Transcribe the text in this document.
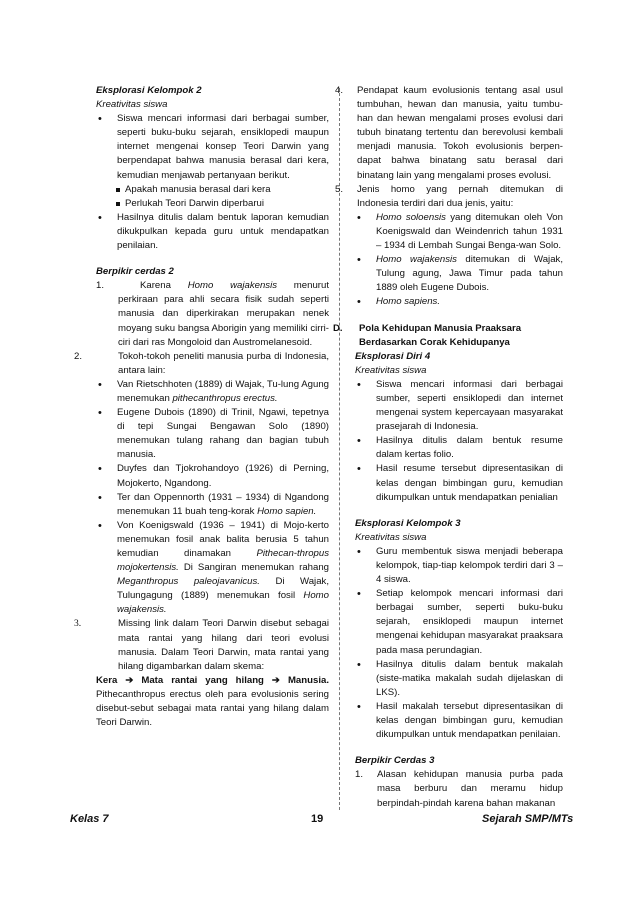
Eksplorasi Kelompok 2
Kreativitas siswa
• Siswa mencari informasi dari berbagai sumber, seperti buku-buku sejarah, ensiklopedi maupun internet mengenai konsep Teori Darwin yang berpendapat bahwa manusia berasal dari kera, kemudian menjawab pertanyaan berikut.
Apakah manusia berasal dari kera
Perlukah Teori Darwin diperbarui
• Hasilnya ditulis dalam bentuk laporan kemudian dikukpulkan kepada guru untuk mendapatkan penilaian.
Berpikir cerdas 2
1.	Karena Homo wajakensis menurut perkiraan para ahli secara fisik sudah seperti manusia dan diperkirakan merupakan nenek moyang suku bangsa Aborigin yang memiliki cirri-ciri dari ras Mongoloid dan Austromelanesoid.
2.	Tokoh-tokoh peneliti manusia purba di Indonesia, antara lain:
• Van Rietschhoten (1889) di Wajak, Tu-lung Agung menemukan pithecanthropus erectus.
• Eugene Dubois (1890) di Trinil, Ngawi, tepetnya di tepi Sungai Bengawan Solo (1890) menemukan tulang rahang dan bagian tubuh manusia.
• Duyfes dan Tjokrohandoyo (1926) di Perning, Mojokerto, Ngandong.
• Ter dan Oppennorth (1931 – 1934) di Ngandong menemukan 11 buah teng-korak Homo sapien.
• Von Koenigswald (1936 – 1941) di Mojo-kerto menemukan fosil anak balita berusia 5 tahun kemudian dinamakan Pithecan-thropus mojokertensis. Di Sangiran menemukan rahang Meganthropus paleojavanicus. Di Wajak, Tulungagung (1889) menemukan fosil Homo wajakensis.
3.	Missing link dalam Teori Darwin disebut sebagai mata rantai yang hilang dari teori evolusi manusia. Dalam Teori Darwin, mata rantai yang hilang digambarkan dalam skema:
Kera ➔ Mata rantai yang hilang ➔ Manusia. Pithecanthropus erectus oleh para evolusionis sering disebut-sebut sebagai mata rantai yang hilang dalam Teori Darwin.
4.	Pendapat kaum evolusionis tentang asal usul tumbuhan, hewan dan manusia, yaitu tumbu-han dan hewan mengalami proses evolusi dari tubuh binatang tertentu dan berevolusi kembali menjadi manusia. Tokoh evolusionis berpen-dapat bahwa binatang satu berasal dari binatang lain yang mengalami proses evolusi.
5.	Jenis homo yang pernah ditemukan di Indonesia terdiri dari dua jenis, yaitu:
• Homo soloensis yang ditemukan oleh Von Koenigswald dan Weindenrich tahun 1931 – 1934 di Lembah Sungai Benga-wan Solo.
• Homo wajakensis ditemukan di Wajak, Tulung agung, Jawa Timur pada tahun 1889 oleh Eugene Dubois.
• Homo sapiens.
D.	Pola Kehidupan Manusia Praaksara Berdasarkan Corak Kehidupanya
Eksplorasi Diri 4
Kreativitas siswa
• Siswa mencari informasi dari berbagai sumber, seperti ensiklopedi dan internet mengenai system kepercayaan masyarakat prasejarah di Indonesia.
• Hasilnya ditulis dalam bentuk resume dalam kertas folio.
• Hasil resume tersebut dipresentasikan di kelas dengan bimbingan guru, kemudian dikumpulkan untuk mendapatkan penialian
Eksplorasi Kelompok 3
Kreativitas siswa
• Guru membentuk siswa menjadi beberapa kelompok, tiap-tiap kelompok terdiri dari 3 – 4 siswa.
• Setiap kelompok mencari informasi dari berbagai sumber, seperti buku-buku sejarah, ensiklopedi maupun internet mengenai kehidupan masyarakat praaksara pada masa perundagian.
• Hasilnya ditulis dalam bentuk makalah (siste-matika makalah sudah dijelaskan di LKS).
• Hasil makalah tersebut dipresentasikan di kelas dengan bimbingan guru, kemudian dikumpulkan untuk mendapatkan penilaian.
Berpikir Cerdas 3
1.	Alasan kehidupan manusia purba pada masa berburu dan meramu hidup berpindah-pindah karena bahan makanan
Kelas 7	19	Sejarah SMP/MTs
